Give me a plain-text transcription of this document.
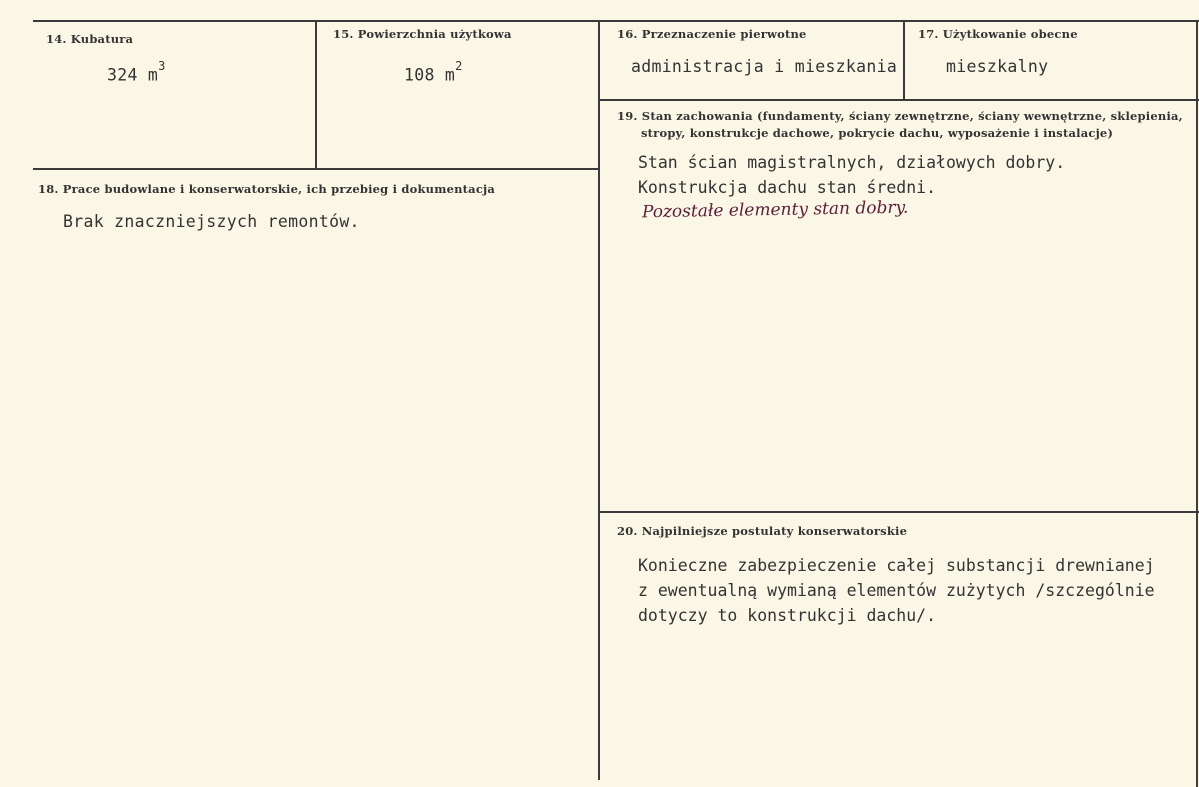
14. Kubatura
324 $m^3$
15. Powierzchnia użytkowa
108 $m^2$
16. Przeznaczenie pierwotne
administracja i mieszkania
17. Użytkowanie obecne
mieszkalny
18. Prace budowlane i konserwatorskie, ich przebieg i dokumentacja
Brak znaczniejszych remontów.
19. Stan zachowania (fundamenty, ściany zewnętrzne, ściany wewnętrzne, sklepienia, stropy, konstrukcje dachowe, pokrycie dachu, wyposażenie i instalacje)
Stan ścian magistralnych, działowych dobry.
Konstrukcja dachu stan średni.
Pozostałe elementy stan dobry.
20. Najpilniejsze postulaty konserwatorskie
Konieczne zabezpieczenie całej substancji drewnianej
z ewentualną wymianą elementów zużytych /szczególnie
dotyczy to konstrukcji dachu/.
